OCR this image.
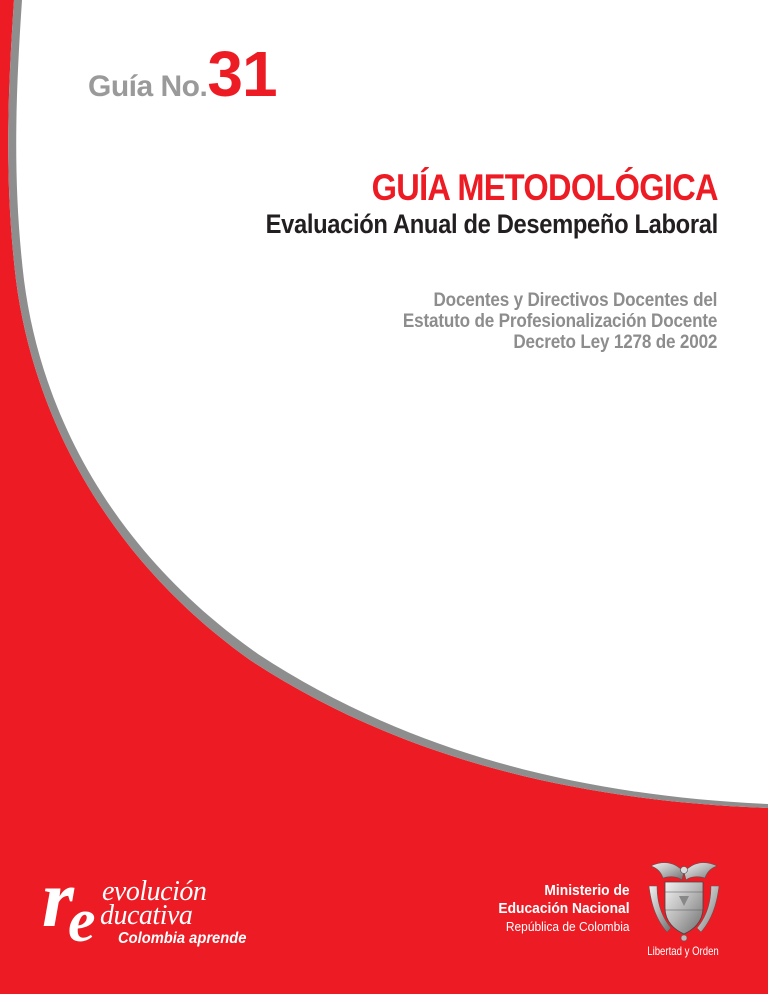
Guía No.31
GUÍA METODOLÓGICA
Evaluación Anual de Desempeño Laboral
Docentes y Directivos Docentes del
Estatuto de Profesionalización Docente
Decreto Ley 1278 de 2002
r
e evolución
ducativa
Colombia aprende
Ministerio de
Educación Nacional
República de Colombia
Libertad y Orden
